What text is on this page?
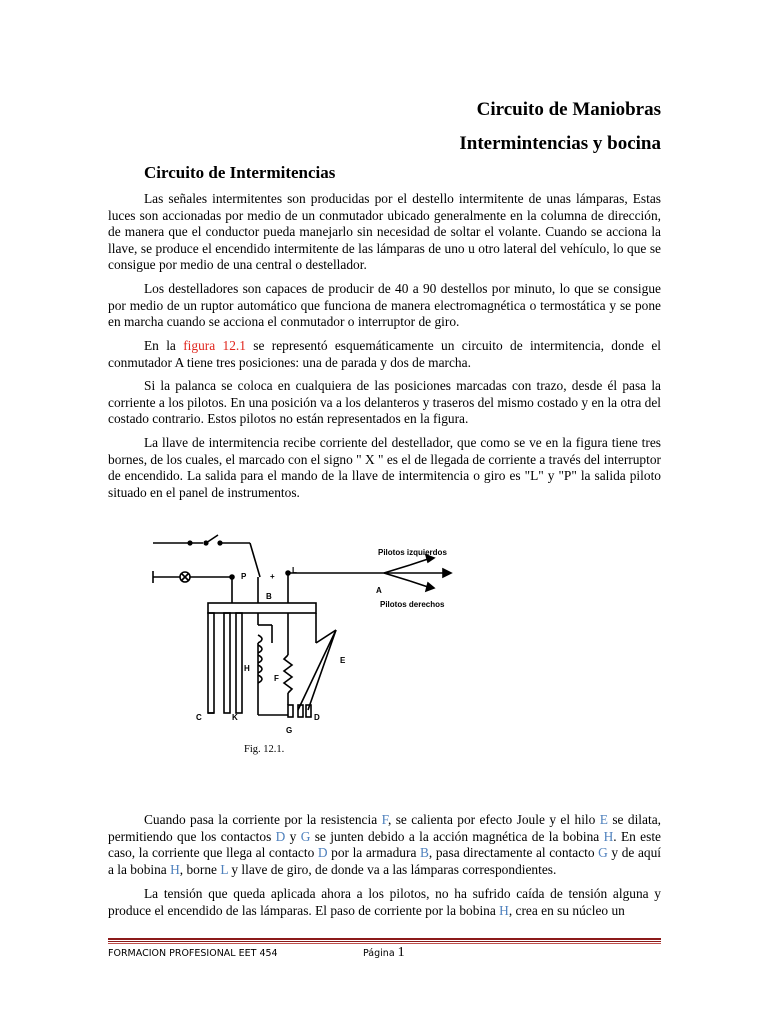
Circuito de Maniobras
Intermintencias y bocina
Circuito de Intermitencias

Las señales intermitentes son producidas por el destello intermitente de unas lámparas, Estas luces son accionadas por medio de un conmutador ubicado generalmente en la columna de dirección, de manera que el conductor pueda manejarlo sin necesidad de soltar el volante. Cuando se acciona la llave, se produce el encendido intermitente de las lámparas de uno u otro lateral del vehículo, lo que se consigue por medio de una central o destellador.

Los destelladores son capaces de producir de 40 a 90 destellos por minuto, lo que se consigue por medio de un ruptor automático que funciona de manera electromagnética o termostática y se pone en marcha cuando se acciona el conmutador o interruptor de giro.

En la figura 12.1 se representó esquemáticamente un circuito de intermitencia, donde el conmutador A tiene tres posiciones: una de parada y dos de marcha.

Si la palanca se coloca en cualquiera de las posiciones marcadas con trazo, desde él pasa la corriente a los pilotos. En una posición va a los delanteros y traseros del mismo costado y en la otra del costado contrario. Estos pilotos no están representados en la figura.

La llave de intermitencia recibe corriente del destellador, que como se ve en la figura tiene tres bornes, de los cuales, el marcado con el signo " X " es el de llegada de corriente a través del interruptor de encendido. La salida para el mando de la llave de intermitencia o giro es "L" y "P" la salida piloto situado en el panel de instrumentos.

Pilotos izquierdos
Pilotos derechos
P	+
L
B
A
H
F
E
C	K
G
D
Fig. 12.1.

Cuando pasa la corriente por la resistencia F, se calienta por efecto Joule y el hilo E se dilata, permitiendo que los contactos D y G se junten debido a la acción magnética de la bobina H. En este caso, la corriente que llega al contacto D por la armadura B, pasa directamente al contacto G y de aquí a la bobina H, borne L y llave de giro, de donde va a las lámparas correspondientes.

La tensión que queda aplicada ahora a los pilotos, no ha sufrido caída de tensión alguna y produce el encendido de las lámparas. El paso de corriente por la bobina H, crea en su núcleo un

FORMACION PROFESIONAL EET 454	Página 1
